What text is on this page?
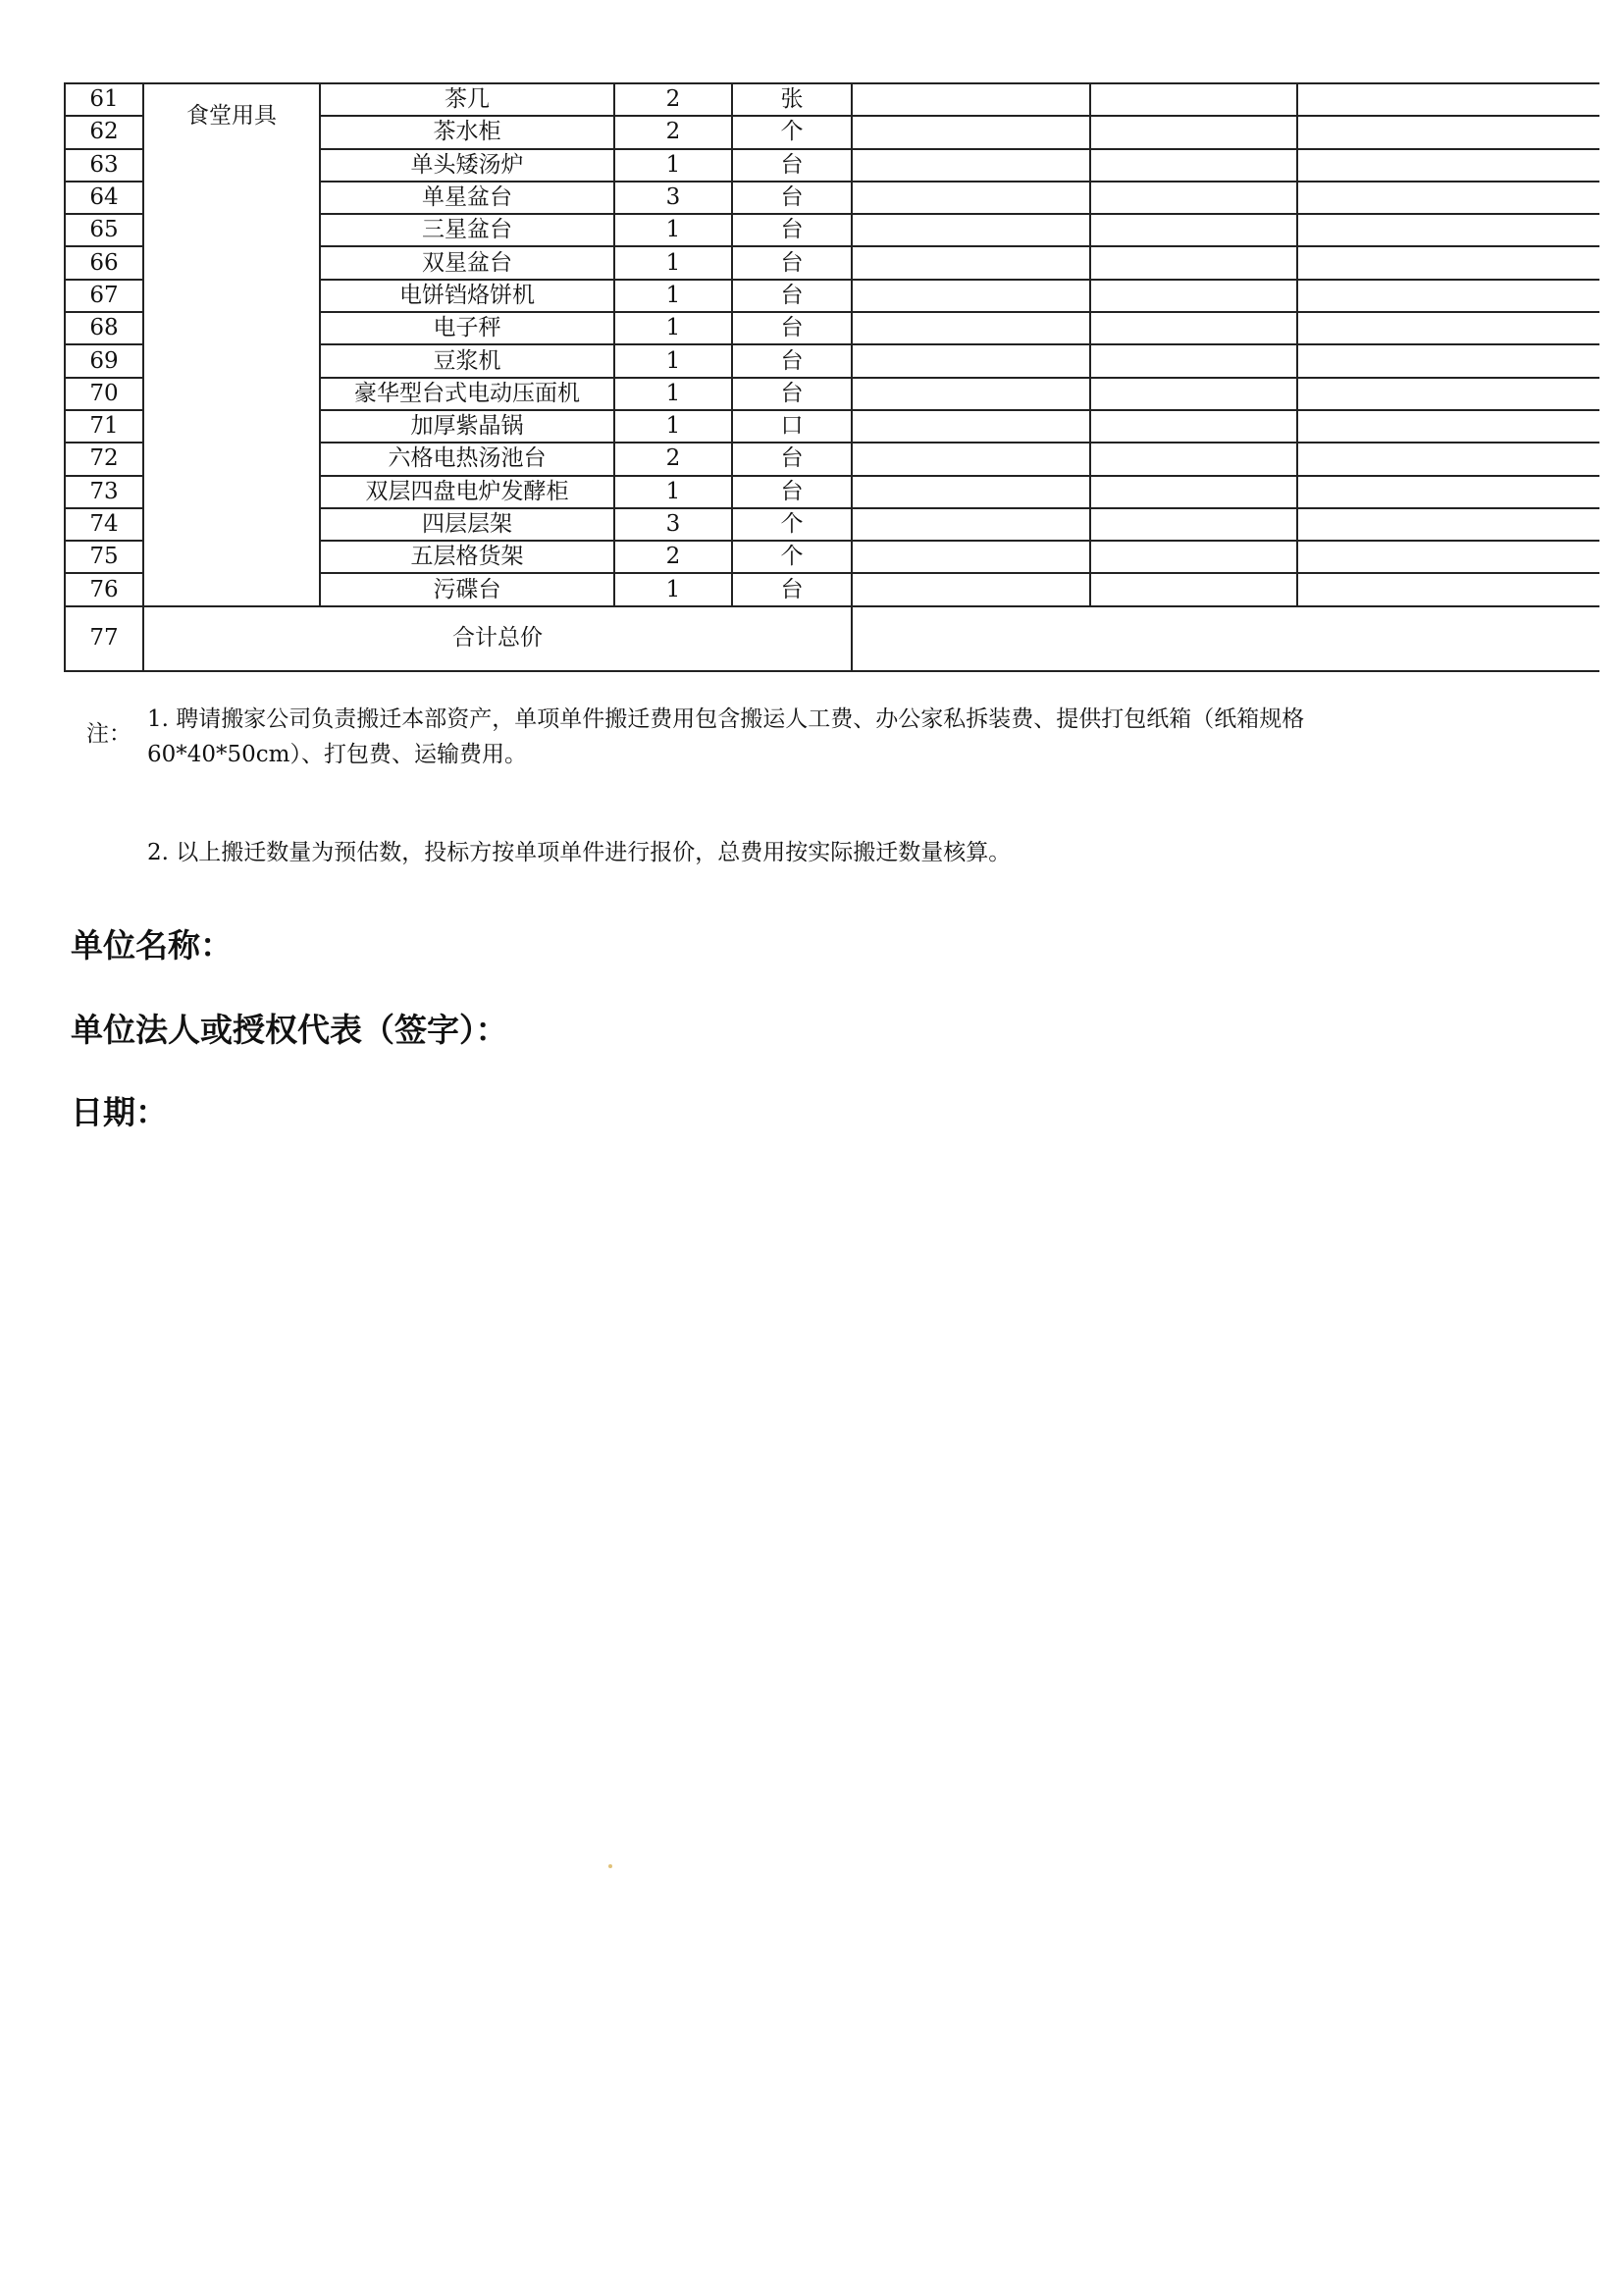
61	食堂用具	茶几	2	张			
62		茶水柜	2	个			
63		单头矮汤炉	1	台			
64		单星盆台	3	台			
65		三星盆台	1	台			
66		双星盆台	1	台			
67		电饼铛烙饼机	1	台			
68		电子秤	1	台			
69		豆浆机	1	台			
70		豪华型台式电动压面机	1	台			
71		加厚紫晶锅	1	口			
72		六格电热汤池台	2	台			
73		双层四盘电炉发酵柜	1	台			
74		四层层架	3	个			
75		五层格货架	2	个			
76		污碟台	1	台			
77	合计总价						
注：
1. 聘请搬家公司负责搬迁本部资产，单项单件搬迁费用包含搬运人工费、办公家私拆装费、提供打包纸箱（纸箱规格
60*40*50cm）、打包费、运输费用。
2. 以上搬迁数量为预估数，投标方按单项单件进行报价，总费用按实际搬迁数量核算。
单位名称：
单位法人或授权代表（签字）：
日期：
